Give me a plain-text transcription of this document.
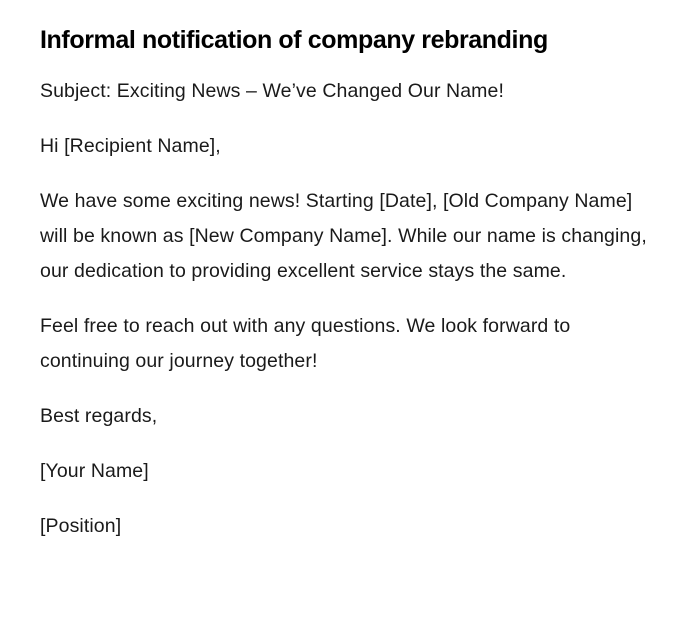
Informal notification of company rebranding

Subject: Exciting News – We’ve Changed Our Name!

Hi [Recipient Name],

We have some exciting news! Starting [Date], [Old Company Name] will be known as [New Company Name]. While our name is changing, our dedication to providing excellent service stays the same.

Feel free to reach out with any questions. We look forward to continuing our journey together!

Best regards,

[Your Name]

[Position]
